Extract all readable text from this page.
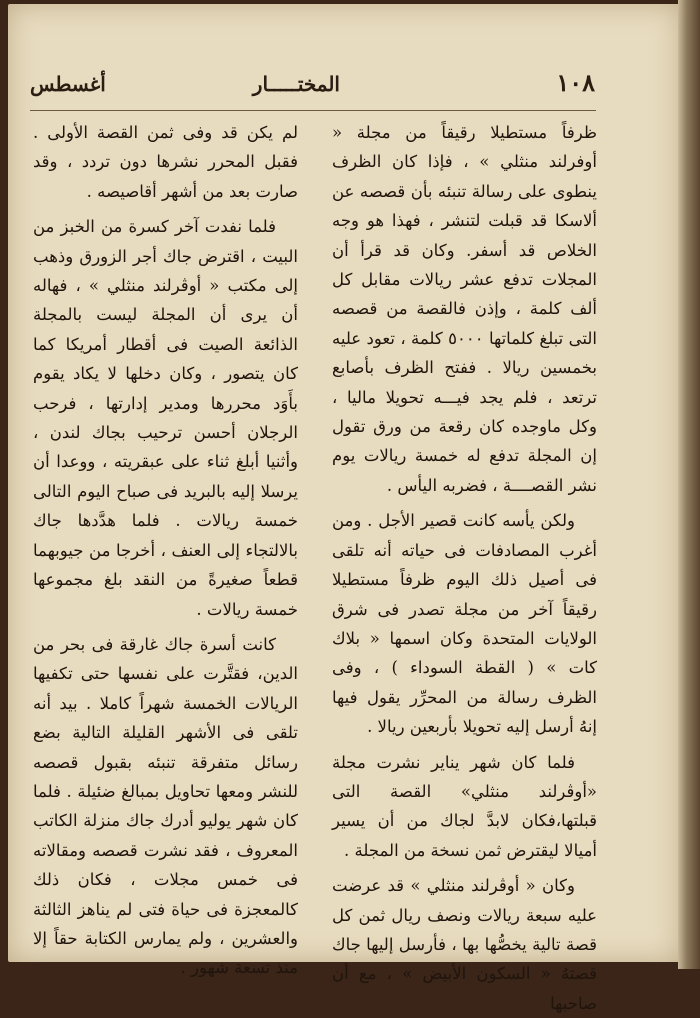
١٠٨
المختـــــار
أغسطس

ظرفاً مستطيلا رقيقاً من مجلة « أوفرلند منثلي » ، فإذا كان الظرف ينطوى على رسالة تنبئه بأن قصصه عن ألاسكا قد قبلت لتنشر ، فهذا هو وجه الخلاص قد أسفر. وكان قد قرأ أن المجلات تدفع عشر ريالات مقابل كل ألف كلمة ، وإذن فالقصة من قصصه التى تبلغ كلماتها ٥٠٠٠ كلمة ، تعود عليه بخمسين ريالا . ففتح الظرف بأصابع ترتعد ، فلم يجد فيـــه تحويلا ماليا ، وكل ماوجده كان رقعة من ورق تقول إن المجلة تدفع له خمسة ريالات يوم نشر القصــــة ، فضربه اليأس .

ولكن يأسه كانت قصير الأجل . ومن أغرب المصادفات فى حياته أنه تلقى فى أصيل ذلك اليوم ظرفاً مستطيلا رقيقاً آخر من مجلة تصدر فى شرق الولايات المتحدة وكان اسمها « بلاك كات » ( القطة السوداء ) ، وفى الظرف رسالة من المحرِّر يقول فيها إنهُ أرسل إليه تحويلا بأربعين ريالا .

فلما كان شهر يناير نشرت مجلة «أوڤرلند منثلي» القصة التى قبلتها،فكان لابدَّ لجاك من أن يسير أميالا ليقترض ثمن نسخة من المجلة .

وكان « أوڤرلند منثلي » قد عرضت عليه سبعة ريالات ونصف ريال ثمن كل قصة تالية يخصُّها بها ، فأرسل إليها جاك قصتهُ « السكون الأبيض » ، مع أن صاحبها

لم يكن قد وفى ثمن القصة الأولى . فقبل المحرر نشرها دون تردد ، وقد صارت بعد من أشهر أقاصيصه .

فلما نفدت آخر كسرة من الخبز من البيت ، اقترض جاك أجر الزورق وذهب إلى مكتب « أوڤرلند منثلي » ، فهاله أن يرى أن المجلة ليست بالمجلة الذائعة الصيت فى أقطار أمريكا كما كان يتصور ، وكان دخلها لا يكاد يقوم بأَوَد محررها ومدير إدارتها ، فرحب الرجلان أحسن ترحيب بجاك لندن ، وأثنيا أبلغ ثناء على عبقريته ، ووعدا أن يرسلا إليه بالبريد فى صباح اليوم التالى خمسة ريالات . فلما هدَّدها جاك بالالتجاء إلى العنف ، أخرجا من جيوبهما قطعاً صغيرةً من النقد بلغ مجموعها خمسة ريالات .

كانت أسرة جاك غارقة فى بحر من الدين، فقتَّرت على نفسها حتى تكفيها الريالات الخمسة شهراً كاملا . بيد أنه تلقى فى الأشهر القليلة التالية بضع رسائل متفرقة تنبئه بقبول قصصه للنشر ومعها تحاويل بمبالغ ضئيلة . فلما كان شهر يوليو أدرك جاك منزلة الكاتب المعروف ، فقد نشرت قصصه ومقالاته فى خمس مجلات ، فكان ذلك كالمعجزة فى حياة فتى لم يناهز الثالثة والعشرين ، ولم يمارس الكتابة حقاً إلا منذ تسعة شهور .
